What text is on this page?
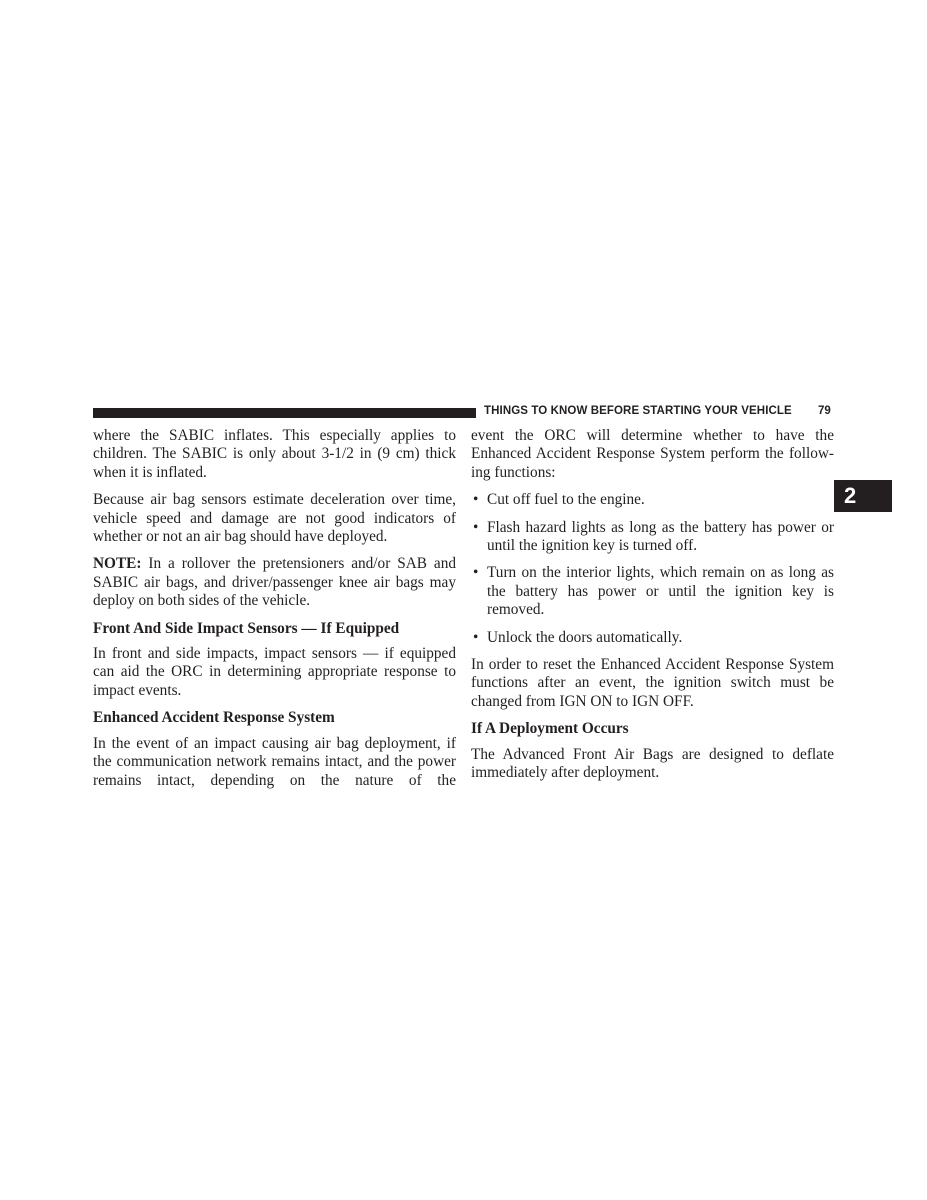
THINGS TO KNOW BEFORE STARTING YOUR VEHICLE 79
2

where the SABIC inflates. This especially applies to children. The SABIC is only about 3-1/2 in (9 cm) thick when it is inflated.

Because air bag sensors estimate deceleration over time, vehicle speed and damage are not good indicators of whether or not an air bag should have deployed.

NOTE: In a rollover the pretensioners and/or SAB and SABIC air bags, and driver/passenger knee air bags may deploy on both sides of the vehicle.

Front And Side Impact Sensors — If Equipped

In front and side impacts, impact sensors — if equipped can aid the ORC in determining appropriate response to impact events.

Enhanced Accident Response System

In the event of an impact causing air bag deployment, if the communication network remains intact, and the power remains intact, depending on the nature of the

event the ORC will determine whether to have the Enhanced Accident Response System perform the follow-ing functions:

• Cut off fuel to the engine.
• Flash hazard lights as long as the battery has power or until the ignition key is turned off.
• Turn on the interior lights, which remain on as long as the battery has power or until the ignition key is removed.
• Unlock the doors automatically.

In order to reset the Enhanced Accident Response System functions after an event, the ignition switch must be changed from IGN ON to IGN OFF.

If A Deployment Occurs

The Advanced Front Air Bags are designed to deflate immediately after deployment.
